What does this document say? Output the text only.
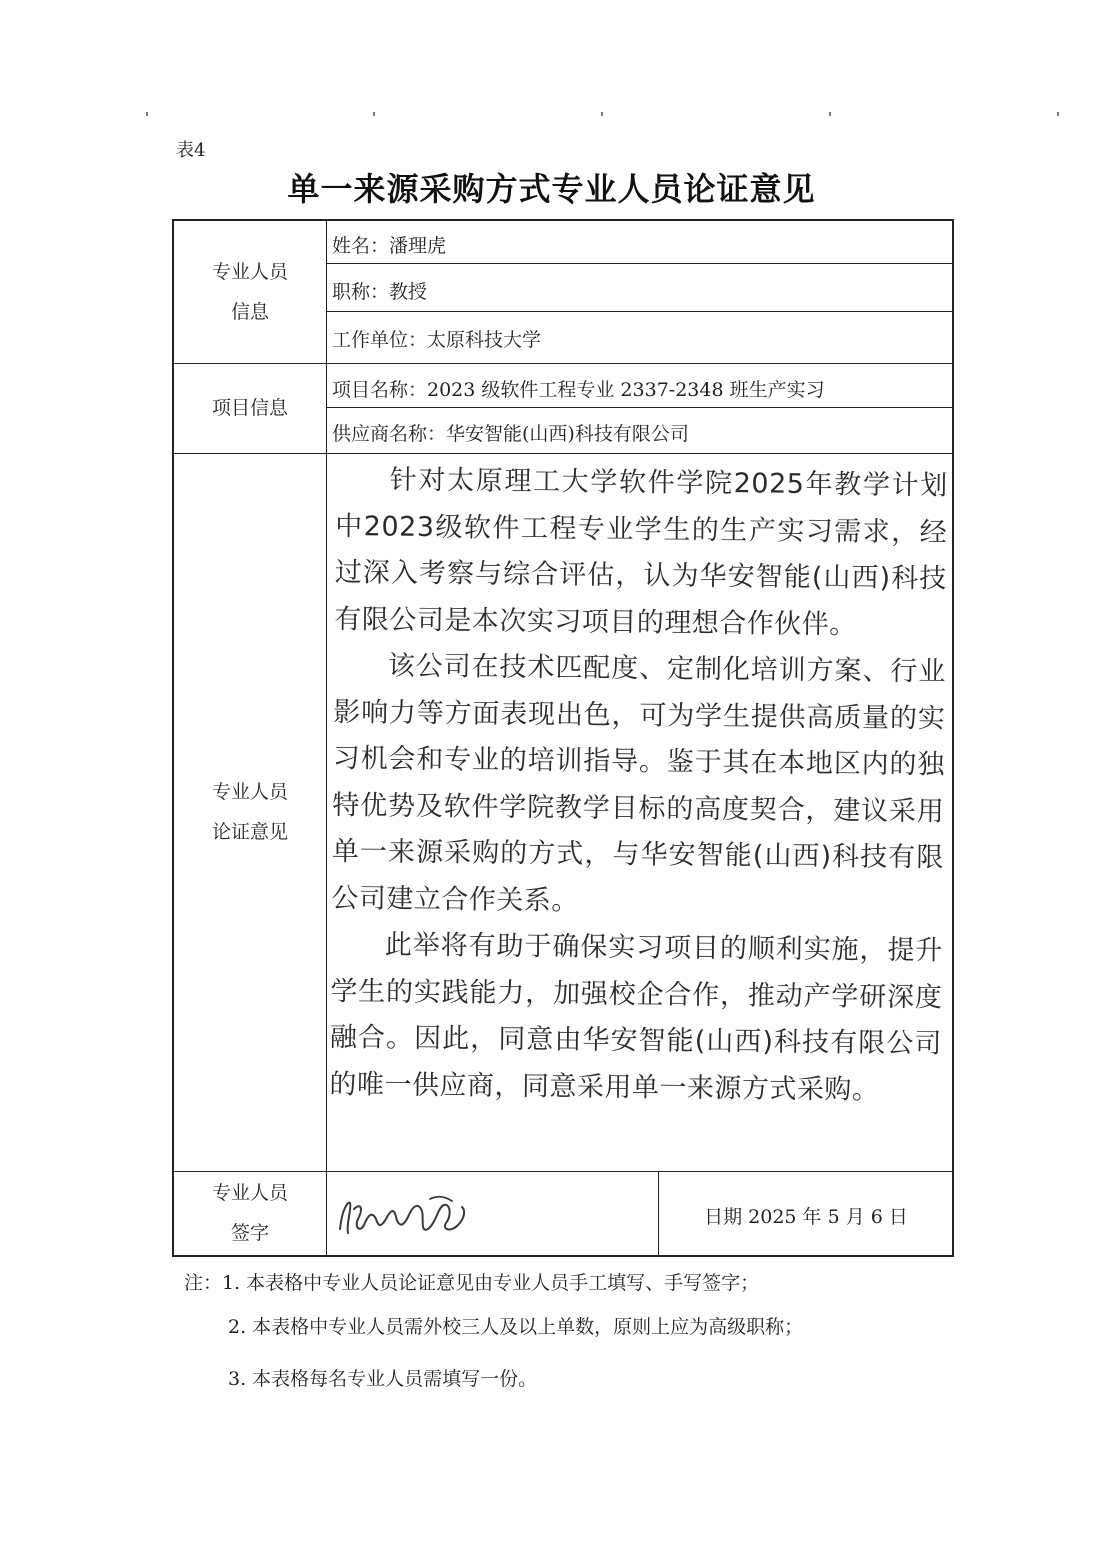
表4
单一来源采购方式专业人员论证意见
专业人员
信息
姓名：潘理虎
职称：教授
工作单位：太原科技大学
项目信息
项目名称：2023 级软件工程专业 2337-2348 班生产实习
供应商名称：华安智能(山西)科技有限公司
专业人员
论证意见

针对太原理工大学软件学院2025年教学计划中2023级软件工程专业学生的生产实习需求，经过深入考察与综合评估，认为华安智能(山西)科技有限公司是本次实习项目的理想合作伙伴。

该公司在技术匹配度、定制化培训方案、行业影响力等方面表现出色，可为学生提供高质量的实习机会和专业的培训指导。鉴于其在本地区内的独特优势及软件学院教学目标的高度契合，建议采用单一来源采购的方式，与华安智能(山西)科技有限公司建立合作关系。

此举将有助于确保实习项目的顺利实施，提升学生的实践能力，加强校企合作，推动产学研深度融合。因此，同意由华安智能(山西)科技有限公司的唯一供应商，同意采用单一来源方式采购。

专业人员
签字
日期 2025 年 5 月 6 日
注：1. 本表格中专业人员论证意见由专业人员手工填写、手写签字；
2. 本表格中专业人员需外校三人及以上单数，原则上应为高级职称；
3. 本表格每名专业人员需填写一份。
